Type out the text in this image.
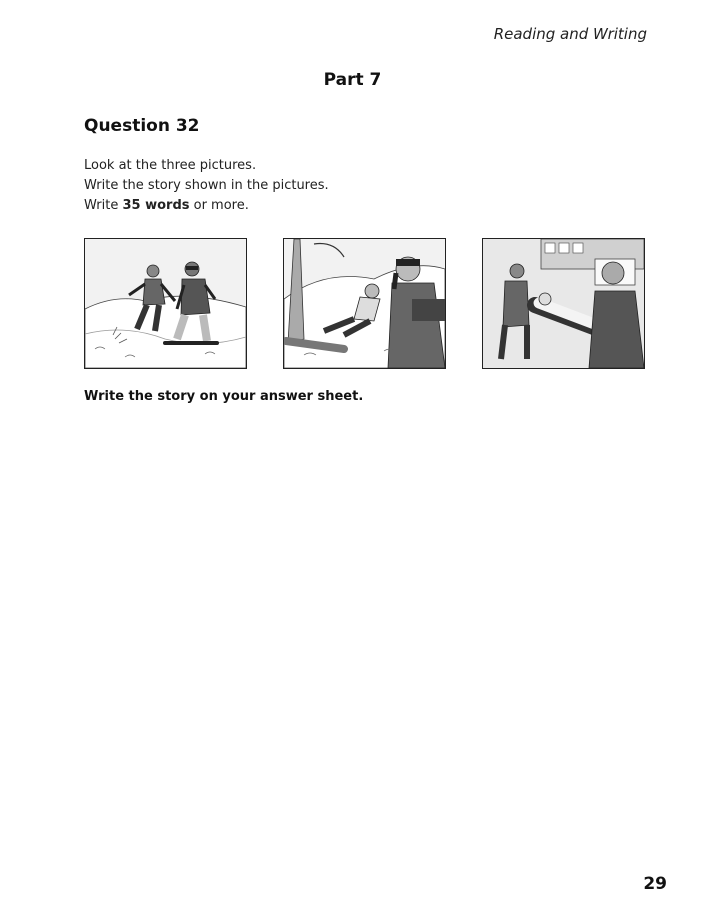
Reading and Writing
Part 7
Question 32

Look at the three pictures.

Write the story shown in the pictures.

Write 35 words or more.

Write the story on your answer sheet.
29
